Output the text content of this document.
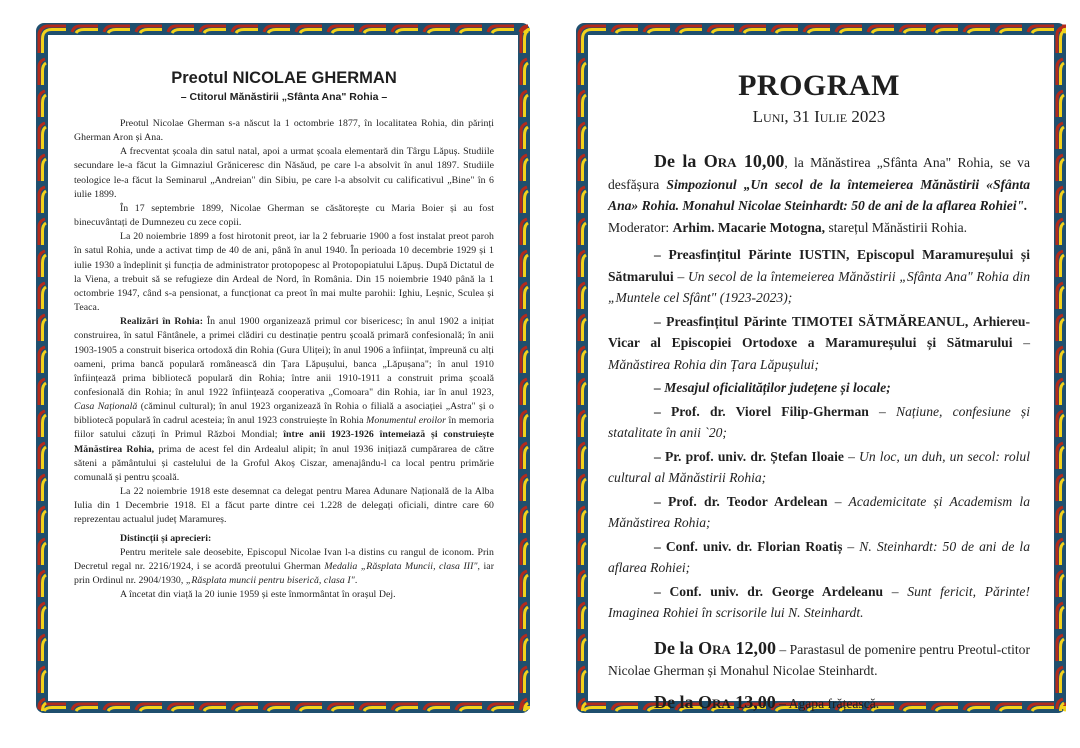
Preotul NICOLAE GHERMAN
– Ctitorul Mănăstirii „Sfânta Ana" Rohia –

Preotul Nicolae Gherman s-a născut la 1 octombrie 1877, în localitatea Rohia, din părinți Gherman Aron și Ana.

A frecventat școala din satul natal, apoi a urmat școala elementară din Târgu Lăpuș. Studiile secundare le-a făcut la Gimnaziul Grăniceresc din Năsăud, pe care l-a absolvit în anul 1897. Studiile teologice le-a făcut la Seminarul „Andreian" din Sibiu, pe care l-a absolvit cu calificativul „Bine" în 6 iulie 1899.

În 17 septembrie 1899, Nicolae Gherman se căsătorește cu Maria Boier și au fost binecuvântați de Dumnezeu cu zece copii.

La 20 noiembrie 1899 a fost hirotonit preot, iar la 2 februarie 1900 a fost instalat preot paroh în satul Rohia, unde a activat timp de 40 de ani, până în anul 1940. În perioada 10 decembrie 1929 și 1 iulie 1930 a îndeplinit și funcția de administrator protopopesc al Protopopiatului Lăpuș. După Dictatul de la Viena, a trebuit să se refugieze din Ardeal de Nord, în România. Din 15 noiembrie 1940 până la 1 octombrie 1947, când s-a pensionat, a funcționat ca preot în mai multe parohii: Ighiu, Leșnic, Sculea și Teaca.

Realizări în Rohia: În anul 1900 organizează primul cor bisericesc; în anul 1902 a inițiat construirea, în satul Fântânele, a primei clădiri cu destinație pentru școală primară confesională; în anii 1903-1905 a construit biserica ortodoxă din Rohia (Gura Uliței); în anul 1906 a înființat, împreună cu alți oameni, prima bancă populară românească din Țara Lăpușului, banca „Lăpușana"; în anul 1910 înființează prima bibliotecă populară din Rohia; între anii 1910-1911 a construit prima școală confesională din Rohia; în anul 1922 înființează cooperativa „Comoara" din Rohia, iar în anul 1923, Casa Națională (căminul cultural); în anul 1923 organizează în Rohia o filială a asociației „Astra" și o bibliotecă populară în cadrul acesteia; în anul 1923 construiește în Rohia Monumentul eroilor în memoria fiilor satului căzuți în Primul Război Mondial; între anii 1923-1926 întemeiază și construiește Mănăstirea Rohia, prima de acest fel din Ardealul alipit; în anul 1936 inițiază cumpărarea de către săteni a pământului și castelului de la Groful Akoș Ciszar, amenajându-l ca local pentru primărie comunală și pentru școală.

La 22 noiembrie 1918 este desemnat ca delegat pentru Marea Adunare Națională de la Alba Iulia din 1 Decembrie 1918. El a făcut parte dintre cei 1.228 de delegați oficiali, dintre care 60 reprezentau actualul județ Maramureș.

Distincții și aprecieri:

Pentru meritele sale deosebite, Episcopul Nicolae Ivan l-a distins cu rangul de iconom. Prin Decretul regal nr. 2216/1924, i se acordă preotului Gherman Medalia „Răsplata Muncii, clasa III", iar prin Ordinul nr. 2904/1930, „Răsplata muncii pentru biserică, clasa I".

A încetat din viață la 20 iunie 1959 și este înmormântat în orașul Dej.

PROGRAM
Luni, 31 Iulie 2023

De la Ora 10,00, la Mănăstirea „Sfânta Ana" Rohia, se va desfășura Simpozionul „Un secol de la întemeierea Mănăstirii «Sfânta Ana» Rohia. Monahul Nicolae Steinhardt: 50 de ani de la aflarea Rohiei".

Moderator: Arhim. Macarie Motogna, starețul Mănăstirii Rohia.

– Preasfințitul Părinte IUSTIN, Episcopul Maramureșului și Sătmarului – Un secol de la întemeierea Mănăstirii „Sfânta Ana" Rohia din „Muntele cel Sfânt" (1923-2023);

– Preasfințitul Părinte TIMOTEI SĂTMĂREANUL, Arhiereu-Vicar al Episcopiei Ortodoxe a Maramureșului și Sătmarului – Mănăstirea Rohia din Țara Lăpușului;

– Mesajul oficialităților județene și locale;

– Prof. dr. Viorel Filip-Gherman – Națiune, confesiune și statalitate în anii `20;

– Pr. prof. univ. dr. Ștefan Iloaie – Un loc, un duh, un secol: rolul cultural al Mănăstirii Rohia;

– Prof. dr. Teodor Ardelean – Academicitate și Academism la Mănăstirea Rohia;

– Conf. univ. dr. Florian Roatiș – N. Steinhardt: 50 de ani de la aflarea Rohiei;

– Conf. univ. dr. George Ardeleanu – Sunt fericit, Părinte! Imaginea Rohiei în scrisorile lui N. Steinhardt.

De la Ora 12,00 – Parastasul de pomenire pentru Preotul-ctitor Nicolae Gherman și Monahul Nicolae Steinhardt.

De la Ora 13,00 – Agapa frățească.
